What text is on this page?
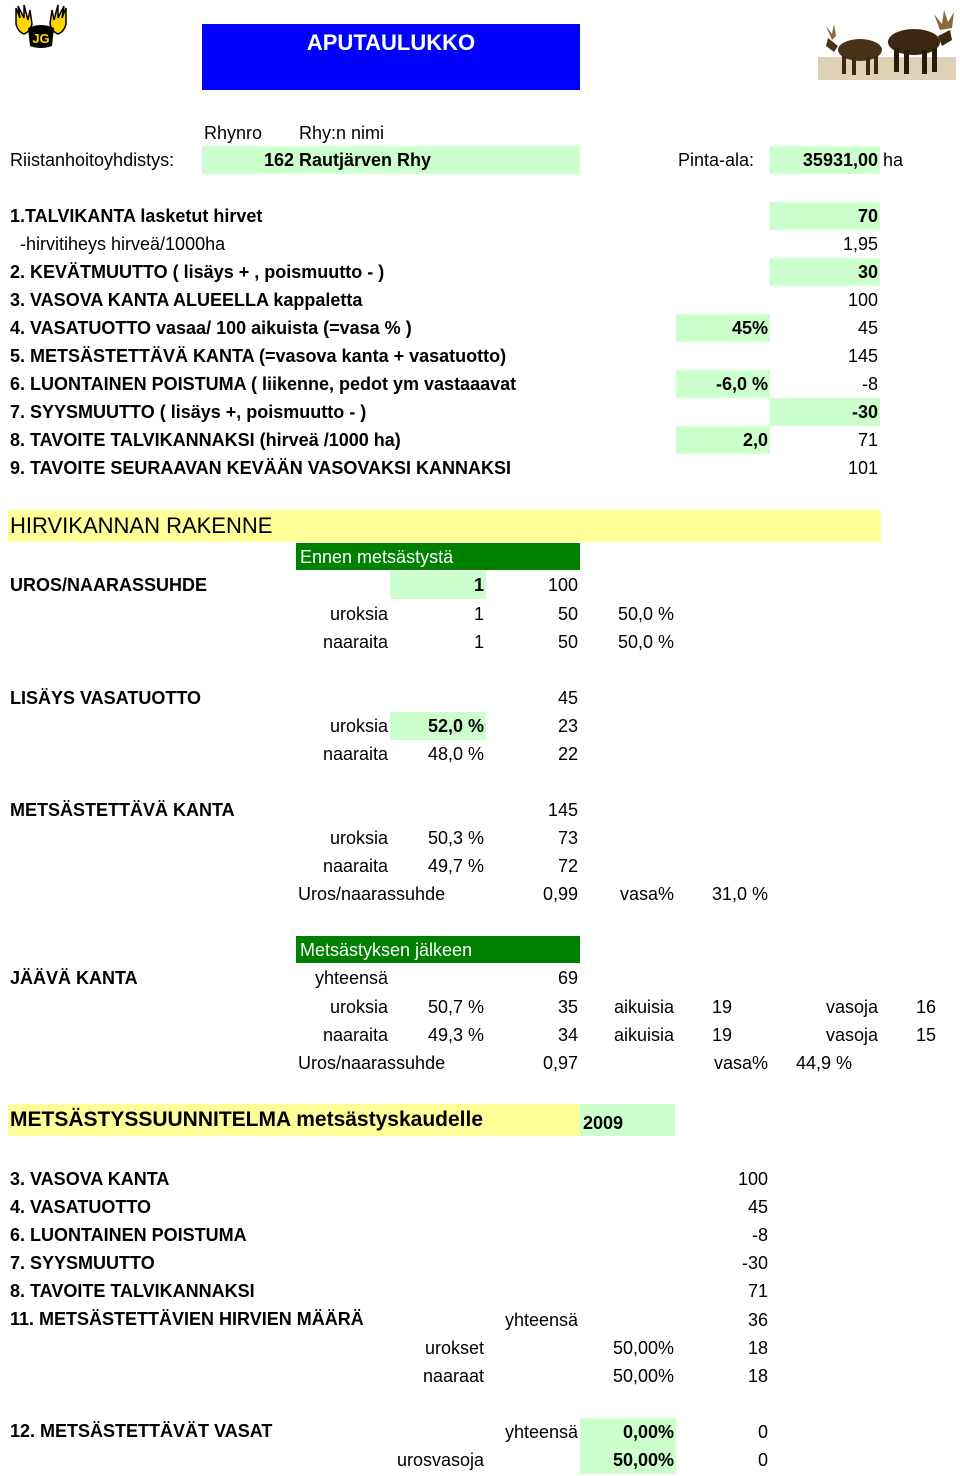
JG	APUTAULUKKO
Rhynro Rhy:n nimi
Riistanhoitoyhdistys:	162 Rautjärven Rhy	Pinta-ala:	35931,00 ha
1.TALVIKANTA lasketut hirvet	70
-hirvitiheys hirveä/1000ha	1,95
2. KEVÄTMUUTTO ( lisäys + , poismuutto - )	30
3. VASOVA KANTA ALUEELLA kappaletta	100
4. VASATUOTTO vasaa/ 100 aikuista (=vasa % )	45%	45
5. METSÄSTETTÄVÄ KANTA (=vasova kanta + vasatuotto)	145
6. LUONTAINEN POISTUMA ( liikenne, pedot ym vastaaavat	-6,0 %	-8
7. SYYSMUUTTO ( lisäys +, poismuutto - )	-30
8. TAVOITE TALVIKANNAKSI (hirveä /1000 ha)	2,0	71
9. TAVOITE SEURAAVAN KEVÄÄN VASOVAKSI KANNAKSI	101
HIRVIKANNAN RAKENNE
Ennen metsästystä
UROS/NAARASSUHDE	1	100
uroksia	1	50	50,0 %
naaraita	1	50	50,0 %
LISÄYS VASATUOTTO	45
uroksia	52,0 %	23
naaraita	48,0 %	22
METSÄSTETTÄVÄ KANTA	145
uroksia	50,3 %	73
naaraita	49,7 %	72
Uros/naarassuhde	0,99	vasa%	31,0 %
Metsästyksen jälkeen
JÄÄVÄ KANTA	yhteensä	69
uroksia	50,7 %	35	aikuisia 19	vasoja	16
naaraita	49,3 %	34	aikuisia 19	vasoja	15
Uros/naarassuhde	0,97	vasa% 44,9 %
METSÄSTYSSUUNNITELMA metsästyskaudelle	2009
3. VASOVA KANTA	100
4. VASATUOTTO	45
6. LUONTAINEN POISTUMA	-8
7. SYYSMUUTTO	-30
8. TAVOITE TALVIKANNAKSI	71
11. METSÄSTETTÄVIEN HIRVIEN MÄÄRÄ	yhteensä	36
urokset	50,00%	18
naaraat	50,00%	18
12. METSÄSTETTÄVÄT VASAT	yhteensä	0,00%	0
urosvasoja	50,00%	0
